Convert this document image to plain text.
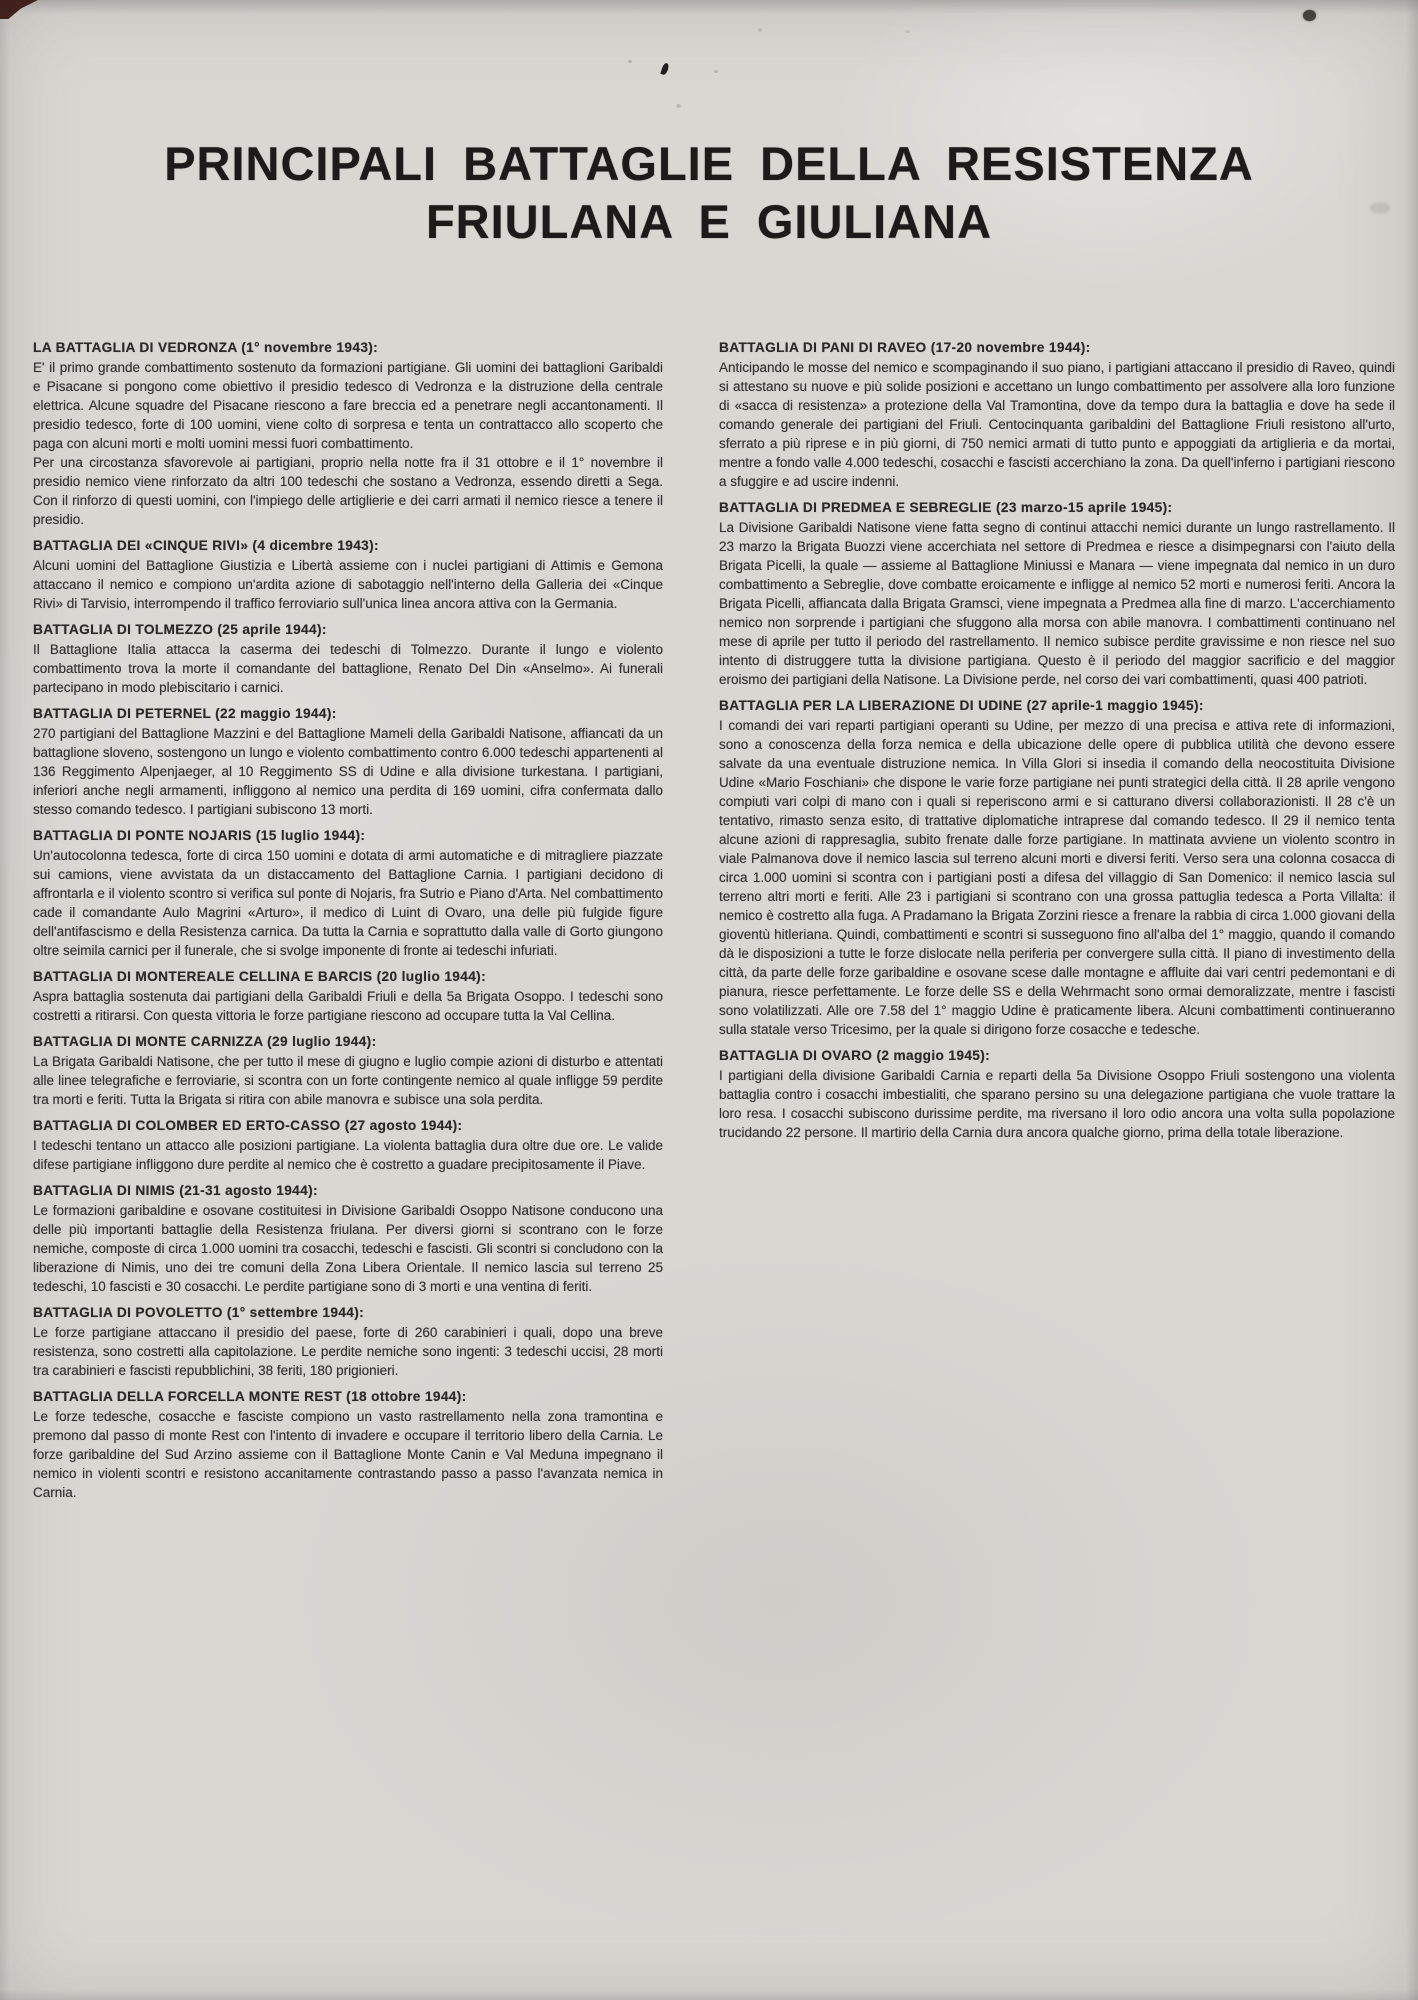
PRINCIPALI BATTAGLIE DELLA RESISTENZA
FRIULANA E GIULIANA
LA BATTAGLIA DI VEDRONZA (1° novembre 1943):

E' il primo grande combattimento sostenuto da formazioni partigiane. Gli uomini dei battaglioni Garibaldi e Pisacane si pongono come obiettivo il presidio tedesco di Vedronza e la distruzione della centrale elettrica. Alcune squadre del Pisacane riescono a fare breccia ed a penetrare negli accantonamenti. Il presidio tedesco, forte di 100 uomini, viene colto di sorpresa e tenta un contrattacco allo scoperto che paga con alcuni morti e molti uomini messi fuori combattimento.

Per una circostanza sfavorevole ai partigiani, proprio nella notte fra il 31 ottobre e il 1° novembre il presidio nemico viene rinforzato da altri 100 tedeschi che sostano a Vedronza, essendo diretti a Sega. Con il rinforzo di questi uomini, con l'impiego delle artiglierie e dei carri armati il nemico riesce a tenere il presidio.

BATTAGLIA DEI «CINQUE RIVI» (4 dicembre 1943):

Alcuni uomini del Battaglione Giustizia e Libertà assieme con i nuclei partigiani di Attimis e Gemona attaccano il nemico e compiono un'ardita azione di sabotaggio nell'interno della Galleria dei «Cinque Rivi» di Tarvisio, interrompendo il traffico ferroviario sull'unica linea ancora attiva con la Germania.

BATTAGLIA DI TOLMEZZO (25 aprile 1944):

Il Battaglione Italia attacca la caserma dei tedeschi di Tolmezzo. Durante il lungo e violento combattimento trova la morte il comandante del battaglione, Renato Del Din «Anselmo». Ai funerali partecipano in modo plebiscitario i carnici.

BATTAGLIA DI PETERNEL (22 maggio 1944):

270 partigiani del Battaglione Mazzini e del Battaglione Mameli della Garibaldi Natisone, affiancati da un battaglione sloveno, sostengono un lungo e violento combattimento contro 6.000 tedeschi appartenenti al 136 Reggimento Alpenjaeger, al 10 Reggimento SS di Udine e alla divisione turkestana. I partigiani, inferiori anche negli armamenti, infliggono al nemico una perdita di 169 uomini, cifra confermata dallo stesso comando tedesco. I partigiani subiscono 13 morti.

BATTAGLIA DI PONTE NOJARIS (15 luglio 1944):

Un'autocolonna tedesca, forte di circa 150 uomini e dotata di armi automatiche e di mitragliere piazzate sui camions, viene avvistata da un distaccamento del Battaglione Carnia. I partigiani decidono di affrontarla e il violento scontro si verifica sul ponte di Nojaris, fra Sutrio e Piano d'Arta. Nel combattimento cade il comandante Aulo Magrini «Arturo», il medico di Luint di Ovaro, una delle più fulgide figure dell'antifascismo e della Resistenza carnica. Da tutta la Carnia e soprattutto dalla valle di Gorto giungono oltre seimila carnici per il funerale, che si svolge imponente di fronte ai tedeschi infuriati.

BATTAGLIA DI MONTEREALE CELLINA E BARCIS (20 luglio 1944):

Aspra battaglia sostenuta dai partigiani della Garibaldi Friuli e della 5a Brigata Osoppo. I tedeschi sono costretti a ritirarsi. Con questa vittoria le forze partigiane riescono ad occupare tutta la Val Cellina.

BATTAGLIA DI MONTE CARNIZZA (29 luglio 1944):

La Brigata Garibaldi Natisone, che per tutto il mese di giugno e luglio compie azioni di disturbo e attentati alle linee telegrafiche e ferroviarie, si scontra con un forte contingente nemico al quale infligge 59 perdite tra morti e feriti. Tutta la Brigata si ritira con abile manovra e subisce una sola perdita.

BATTAGLIA DI COLOMBER ED ERTO-CASSO (27 agosto 1944):

I tedeschi tentano un attacco alle posizioni partigiane. La violenta battaglia dura oltre due ore. Le valide difese partigiane infliggono dure perdite al nemico che è costretto a guadare precipitosamente il Piave.

BATTAGLIA DI NIMIS (21-31 agosto 1944):

Le formazioni garibaldine e osovane costituitesi in Divisione Garibaldi Osoppo Natisone conducono una delle più importanti battaglie della Resistenza friulana. Per diversi giorni si scontrano con le forze nemiche, composte di circa 1.000 uomini tra cosacchi, tedeschi e fascisti. Gli scontri si concludono con la liberazione di Nimis, uno dei tre comuni della Zona Libera Orientale. Il nemico lascia sul terreno 25 tedeschi, 10 fascisti e 30 cosacchi. Le perdite partigiane sono di 3 morti e una ventina di feriti.

BATTAGLIA DI POVOLETTO (1° settembre 1944):

Le forze partigiane attaccano il presidio del paese, forte di 260 carabinieri i quali, dopo una breve resistenza, sono costretti alla capitolazione. Le perdite nemiche sono ingenti: 3 tedeschi uccisi, 28 morti tra carabinieri e fascisti repubblichini, 38 feriti, 180 prigionieri.

BATTAGLIA DELLA FORCELLA MONTE REST (18 ottobre 1944):

Le forze tedesche, cosacche e fasciste compiono un vasto rastrellamento nella zona tramontina e premono dal passo di monte Rest con l'intento di invadere e occupare il territorio libero della Carnia. Le forze garibaldine del Sud Arzino assieme con il Battaglione Monte Canin e Val Meduna impegnano il nemico in violenti scontri e resistono accanitamente contrastando passo a passo l'avanzata nemica in Carnia.

BATTAGLIA DI PANI DI RAVEO (17-20 novembre 1944):

Anticipando le mosse del nemico e scompaginando il suo piano, i partigiani attaccano il presidio di Raveo, quindi si attestano su nuove e più solide posizioni e accettano un lungo combattimento per assolvere alla loro funzione di «sacca di resistenza» a protezione della Val Tramontina, dove da tempo dura la battaglia e dove ha sede il comando generale dei partigiani del Friuli. Centocinquanta garibaldini del Battaglione Friuli resistono all'urto, sferrato a più riprese e in più giorni, di 750 nemici armati di tutto punto e appoggiati da artiglieria e da mortai, mentre a fondo valle 4.000 tedeschi, cosacchi e fascisti accerchiano la zona. Da quell'inferno i partigiani riescono a sfuggire e ad uscire indenni.

BATTAGLIA DI PREDMEA E SEBREGLIE (23 marzo-15 aprile 1945):

La Divisione Garibaldi Natisone viene fatta segno di continui attacchi nemici durante un lungo rastrellamento. Il 23 marzo la Brigata Buozzi viene accerchiata nel settore di Predmea e riesce a disimpegnarsi con l'aiuto della Brigata Picelli, la quale — assieme al Battaglione Miniussi e Manara — viene impegnata dal nemico in un duro combattimento a Sebreglie, dove combatte eroicamente e infligge al nemico 52 morti e numerosi feriti. Ancora la Brigata Picelli, affiancata dalla Brigata Gramsci, viene impegnata a Predmea alla fine di marzo. L'accerchiamento nemico non sorprende i partigiani che sfuggono alla morsa con abile manovra. I combattimenti continuano nel mese di aprile per tutto il periodo del rastrellamento. Il nemico subisce perdite gravissime e non riesce nel suo intento di distruggere tutta la divisione partigiana. Questo è il periodo del maggior sacrificio e del maggior eroismo dei partigiani della Natisone. La Divisione perde, nel corso dei vari combattimenti, quasi 400 patrioti.

BATTAGLIA PER LA LIBERAZIONE DI UDINE (27 aprile-1 maggio 1945):

I comandi dei vari reparti partigiani operanti su Udine, per mezzo di una precisa e attiva rete di informazioni, sono a conoscenza della forza nemica e della ubicazione delle opere di pubblica utilità che devono essere salvate da una eventuale distruzione nemica. In Villa Glori si insedia il comando della neocostituita Divisione Udine «Mario Foschiani» che dispone le varie forze partigiane nei punti strategici della città. Il 28 aprile vengono compiuti vari colpi di mano con i quali si reperiscono armi e si catturano diversi collaborazionisti. Il 28 c'è un tentativo, rimasto senza esito, di trattative diplomatiche intraprese dal comando tedesco. Il 29 il nemico tenta alcune azioni di rappresaglia, subito frenate dalle forze partigiane. In mattinata avviene un violento scontro in viale Palmanova dove il nemico lascia sul terreno alcuni morti e diversi feriti. Verso sera una colonna cosacca di circa 1.000 uomini si scontra con i partigiani posti a difesa del villaggio di San Domenico: il nemico lascia sul terreno altri morti e feriti. Alle 23 i partigiani si scontrano con una grossa pattuglia tedesca a Porta Villalta: il nemico è costretto alla fuga. A Pradamano la Brigata Zorzini riesce a frenare la rabbia di circa 1.000 giovani della gioventù hitleriana. Quindi, combattimenti e scontri si susseguono fino all'alba del 1° maggio, quando il comando dà le disposizioni a tutte le forze dislocate nella periferia per convergere sulla città. Il piano di investimento della città, da parte delle forze garibaldine e osovane scese dalle montagne e affluite dai vari centri pedemontani e di pianura, riesce perfettamente. Le forze delle SS e della Wehrmacht sono ormai demoralizzate, mentre i fascisti sono volatilizzati. Alle ore 7.58 del 1° maggio Udine è praticamente libera. Alcuni combattimenti continueranno sulla statale verso Tricesimo, per la quale si dirigono forze cosacche e tedesche.

BATTAGLIA DI OVARO (2 maggio 1945):

I partigiani della divisione Garibaldi Carnia e reparti della 5a Divisione Osoppo Friuli sostengono una violenta battaglia contro i cosacchi imbestialiti, che sparano persino su una delegazione partigiana che vuole trattare la loro resa. I cosacchi subiscono durissime perdite, ma riversano il loro odio ancora una volta sulla popolazione trucidando 22 persone. Il martirio della Carnia dura ancora qualche giorno, prima della totale liberazione.
